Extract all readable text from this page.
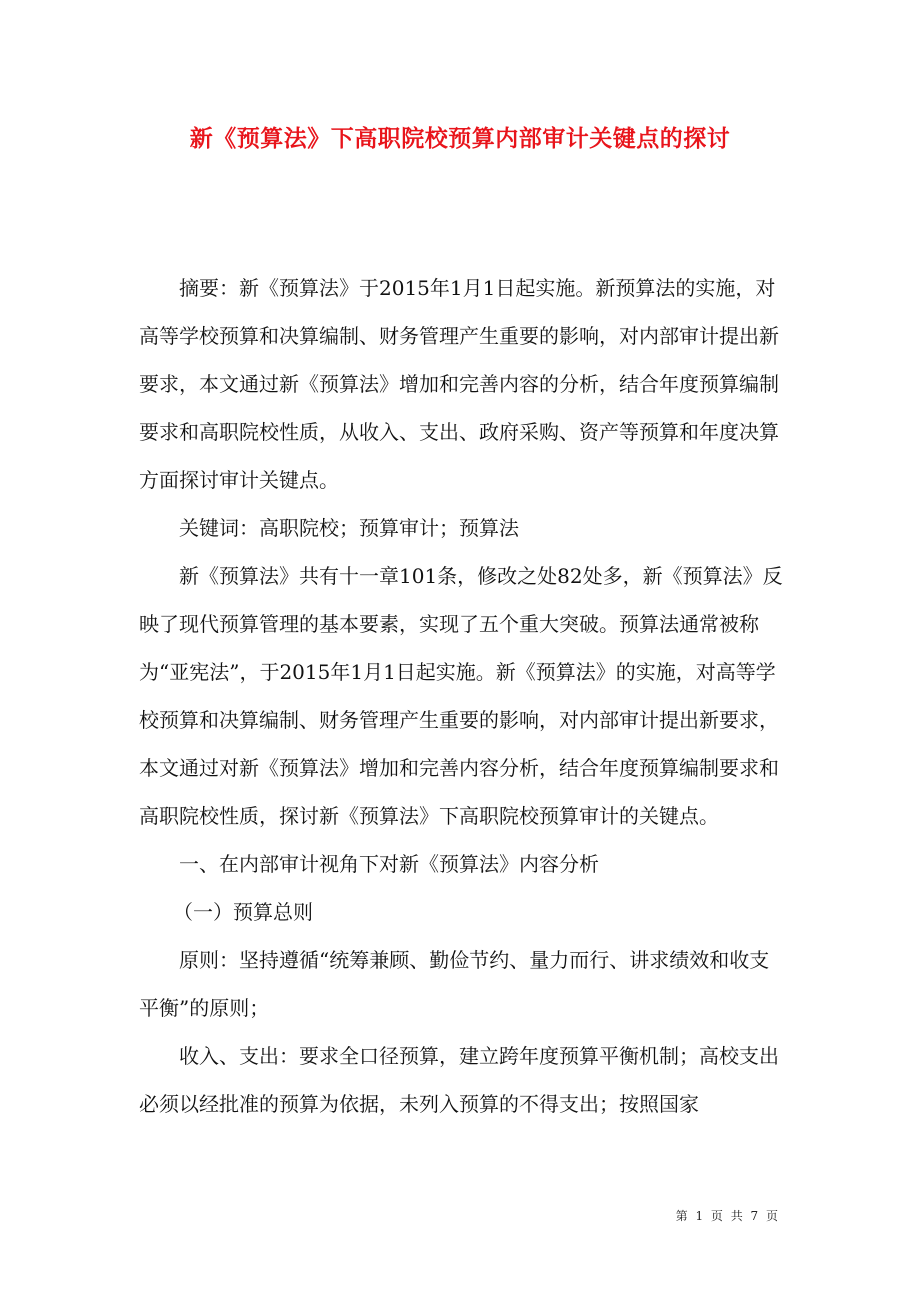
新《预算法》下高职院校预算内部审计关键点的探讨

摘要：新《预算法》于2015年1月1日起实施。新预算法的实施，对高等学校预算和决算编制、财务管理产生重要的影响，对内部审计提出新要求，本文通过新《预算法》增加和完善内容的分析，结合年度预算编制要求和高职院校性质，从收入、支出、政府采购、资产等预算和年度决算方面探讨审计关键点。

关键词：高职院校；预算审计；预算法

新《预算法》共有十一章101条，修改之处82处多，新《预算法》反映了现代预算管理的基本要素，实现了五个重大突破。预算法通常被称为“亚宪法”，于2015年1月1日起实施。新《预算法》的实施，对高等学校预算和决算编制、财务管理产生重要的影响，对内部审计提出新要求，本文通过对新《预算法》增加和完善内容分析，结合年度预算编制要求和高职院校性质，探讨新《预算法》下高职院校预算审计的关键点。

一、在内部审计视角下对新《预算法》内容分析

（一）预算总则

原则：坚持遵循“统筹兼顾、勤俭节约、量力而行、讲求绩效和收支平衡”的原则；

收入、支出：要求全口径预算，建立跨年度预算平衡机制；高校支出必须以经批准的预算为依据，未列入预算的不得支出；按照国家

第 1 页 共 7 页
